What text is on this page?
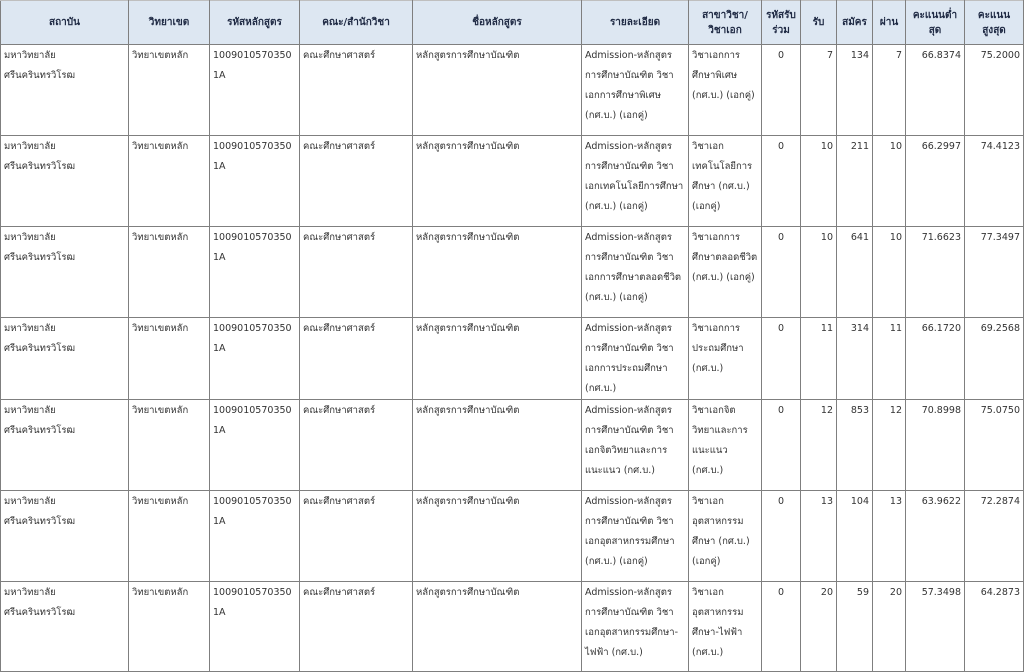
สถาบัน	วิทยาเขต	รหัสหลักสูตร	คณะ/สำนักวิชา	ชื่อหลักสูตร	รายละเอียด	สาขาวิชา/ วิชาเอก	รหัสรับร่วม	รับ	สมัคร	ผ่าน	คะแนนต่ำสุด	คะแนนสูงสุด
มหาวิทยาลัยศรีนครินทรวิโรฒ	วิทยาเขตหลัก	10090105703501A	คณะศึกษาศาสตร์	หลักสูตรการศึกษาบัณฑิต	Admission-หลักสูตรการศึกษาบัณฑิต วิชาเอกการศึกษาพิเศษ (กศ.บ.) (เอกคู่)	วิชาเอกการศึกษาพิเศษ (กศ.บ.) (เอกคู่)	0	7	134	7	66.8374	75.2000
มหาวิทยาลัยศรีนครินทรวิโรฒ	วิทยาเขตหลัก	10090105703501A	คณะศึกษาศาสตร์	หลักสูตรการศึกษาบัณฑิต	Admission-หลักสูตรการศึกษาบัณฑิต วิชาเอกเทคโนโลยีการศึกษา (กศ.บ.) (เอกคู่)	วิชาเอกเทคโนโลยีการศึกษา (กศ.บ.) (เอกคู่)	0	10	211	10	66.2997	74.4123
มหาวิทยาลัยศรีนครินทรวิโรฒ	วิทยาเขตหลัก	10090105703501A	คณะศึกษาศาสตร์	หลักสูตรการศึกษาบัณฑิต	Admission-หลักสูตรการศึกษาบัณฑิต วิชาเอกการศึกษาตลอดชีวิต (กศ.บ.) (เอกคู่)	วิชาเอกการศึกษาตลอดชีวิต (กศ.บ.) (เอกคู่)	0	10	641	10	71.6623	77.3497
มหาวิทยาลัยศรีนครินทรวิโรฒ	วิทยาเขตหลัก	10090105703501A	คณะศึกษาศาสตร์	หลักสูตรการศึกษาบัณฑิต	Admission-หลักสูตรการศึกษาบัณฑิต วิชาเอกการประถมศึกษา (กศ.บ.)	วิชาเอกการประถมศึกษา (กศ.บ.)	0	11	314	11	66.1720	69.2568
มหาวิทยาลัยศรีนครินทรวิโรฒ	วิทยาเขตหลัก	10090105703501A	คณะศึกษาศาสตร์	หลักสูตรการศึกษาบัณฑิต	Admission-หลักสูตรการศึกษาบัณฑิต วิชาเอกจิตวิทยาและการแนะแนว (กศ.บ.)	วิชาเอกจิตวิทยาและการแนะแนว (กศ.บ.)	0	12	853	12	70.8998	75.0750
มหาวิทยาลัยศรีนครินทรวิโรฒ	วิทยาเขตหลัก	10090105703501A	คณะศึกษาศาสตร์	หลักสูตรการศึกษาบัณฑิต	Admission-หลักสูตรการศึกษาบัณฑิต วิชาเอกอุตสาหกรรมศึกษา (กศ.บ.) (เอกคู่)	วิชาเอกอุตสาหกรรมศึกษา (กศ.บ.) (เอกคู่)	0	13	104	13	63.9622	72.2874
มหาวิทยาลัยศรีนครินทรวิโรฒ	วิทยาเขตหลัก	10090105703501A	คณะศึกษาศาสตร์	หลักสูตรการศึกษาบัณฑิต	Admission-หลักสูตรการศึกษาบัณฑิต วิชาเอกอุตสาหกรรมศึกษา-ไฟฟ้า (กศ.บ.)	วิชาเอกอุตสาหกรรมศึกษา-ไฟฟ้า (กศ.บ.)	0	20	59	20	57.3498	64.2873
